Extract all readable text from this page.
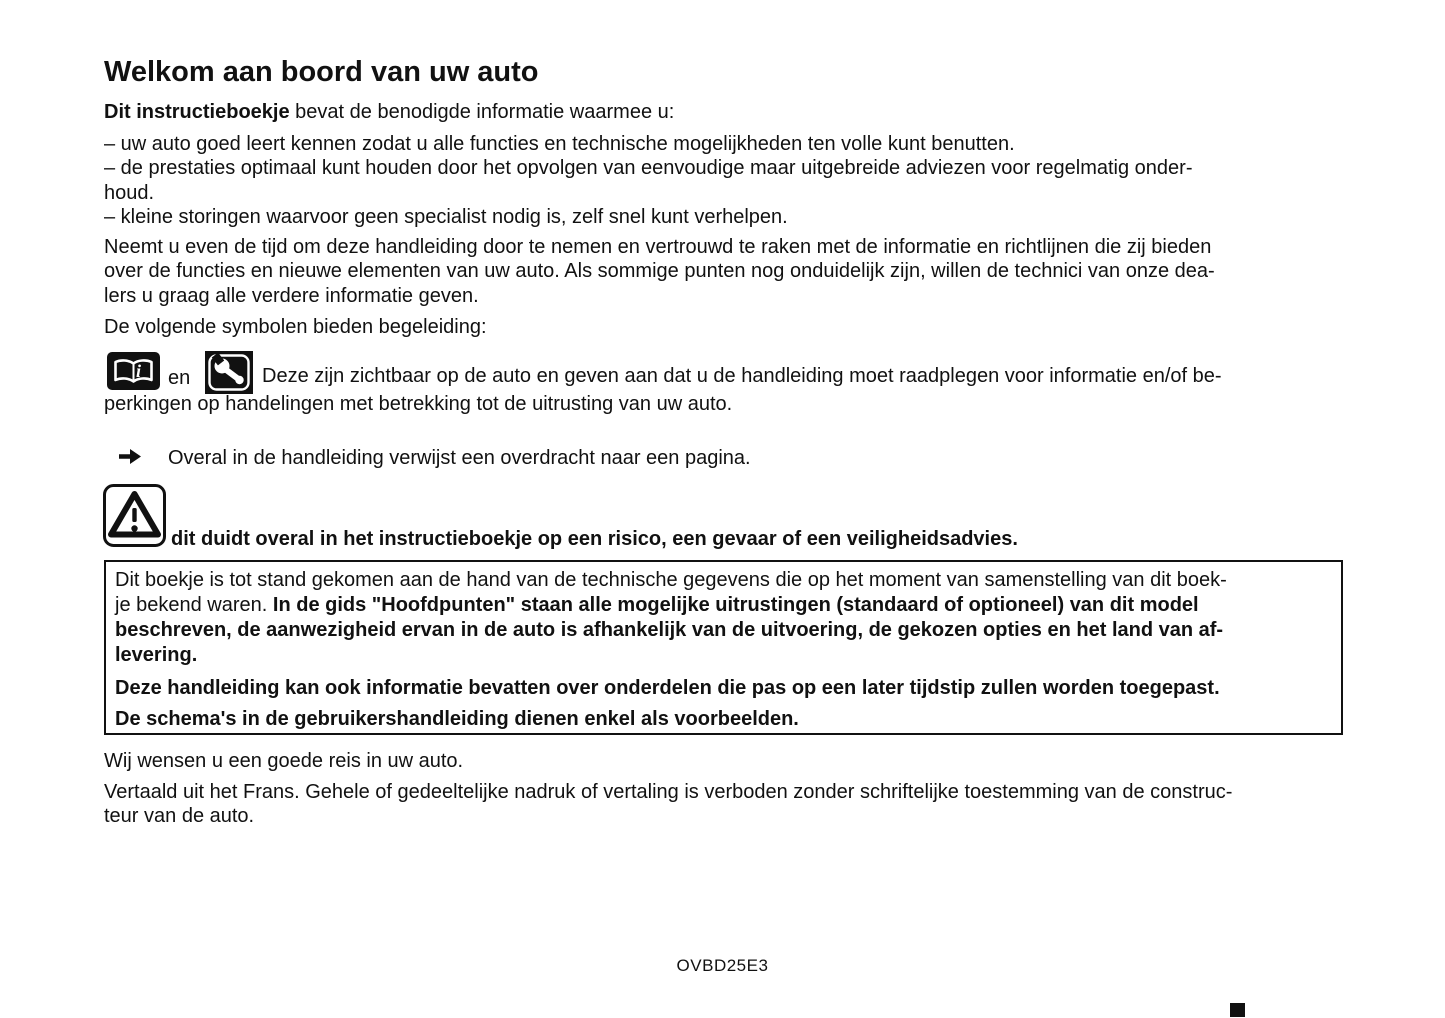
Welkom aan boord van uw auto
Dit instructieboekje bevat de benodigde informatie waarmee u:
– uw auto goed leert kennen zodat u alle functies en technische mogelijkheden ten volle kunt benutten.
– de prestaties optimaal kunt houden door het opvolgen van eenvoudige maar uitgebreide adviezen voor regelmatig onder-
houd.
– kleine storingen waarvoor geen specialist nodig is, zelf snel kunt verhelpen.
Neemt u even de tijd om deze handleiding door te nemen en vertrouwd te raken met de informatie en richtlijnen die zij bieden
over de functies en nieuwe elementen van uw auto. Als sommige punten nog onduidelijk zijn, willen de technici van onze dea-
lers u graag alle verdere informatie geven.
De volgende symbolen bieden begeleiding:
i en	Deze zijn zichtbaar op de auto en geven aan dat u de handleiding moet raadplegen voor informatie en/of be-
perkingen op handelingen met betrekking tot de uitrusting van uw auto.
Overal in de handleiding verwijst een overdracht naar een pagina.
dit duidt overal in het instructieboekje op een risico, een gevaar of een veiligheidsadvies.
Dit boekje is tot stand gekomen aan de hand van de technische gegevens die op het moment van samenstelling van dit boek-
je bekend waren. In de gids "Hoofdpunten" staan alle mogelijke uitrustingen (standaard of optioneel) van dit model
beschreven, de aanwezigheid ervan in de auto is afhankelijk van de uitvoering, de gekozen opties en het land van af-
levering.
Deze handleiding kan ook informatie bevatten over onderdelen die pas op een later tijdstip zullen worden toegepast.
De schema's in de gebruikershandleiding dienen enkel als voorbeelden.
Wij wensen u een goede reis in uw auto.
Vertaald uit het Frans. Gehele of gedeeltelijke nadruk of vertaling is verboden zonder schriftelijke toestemming van de construc-
teur van de auto.
OVBD25E3
